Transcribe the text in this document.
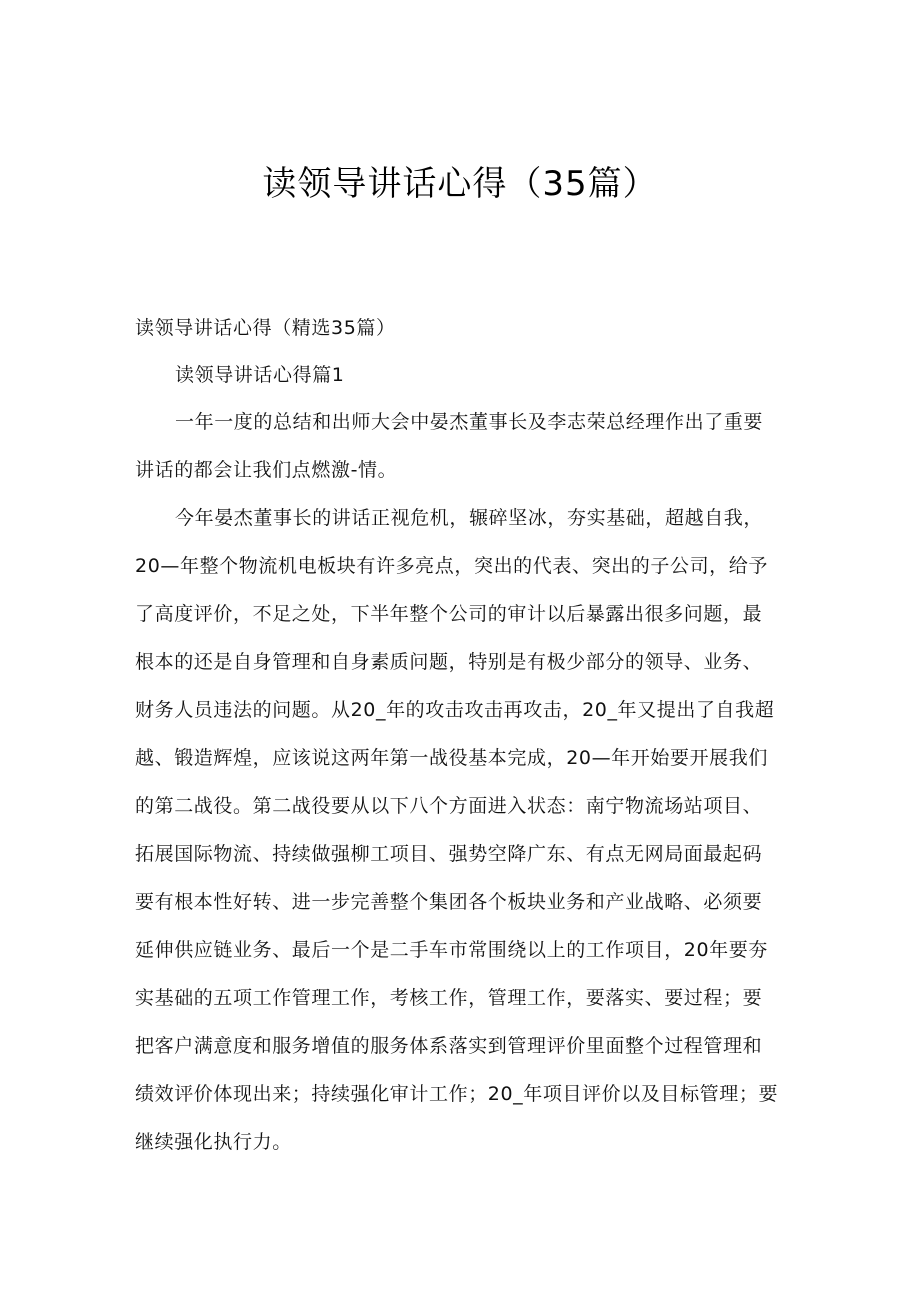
读领导讲话心得（35篇）

读领导讲话心得（精选35篇）

读领导讲话心得篇1

一年一度的总结和出师大会中晏杰董事长及李志荣总经理作出了重要
讲话的都会让我们点燃激-情。

今年晏杰董事长的讲话正视危机，辗碎坚冰，夯实基础，超越自我，
20—年整个物流机电板块有许多亮点，突出的代表、突出的子公司，给予
了高度评价，不足之处，下半年整个公司的审计以后暴露出很多问题，最
根本的还是自身管理和自身素质问题，特别是有极少部分的领导、业务、
财务人员违法的问题。从20_年的攻击攻击再攻击，20_年又提出了自我超
越、锻造辉煌，应该说这两年第一战役基本完成，20—年开始要开展我们
的第二战役。第二战役要从以下八个方面进入状态：南宁物流场站项目、
拓展国际物流、持续做强柳工项目、强势空降广东、有点无网局面最起码
要有根本性好转、进一步完善整个集团各个板块业务和产业战略、必须要
延伸供应链业务、最后一个是二手车市常围绕以上的工作项目，20年要夯
实基础的五项工作管理工作，考核工作，管理工作，要落实、要过程；要
把客户满意度和服务增值的服务体系落实到管理评价里面整个过程管理和
绩效评价体现出来；持续强化审计工作；20_年项目评价以及目标管理；要
继续强化执行力。
